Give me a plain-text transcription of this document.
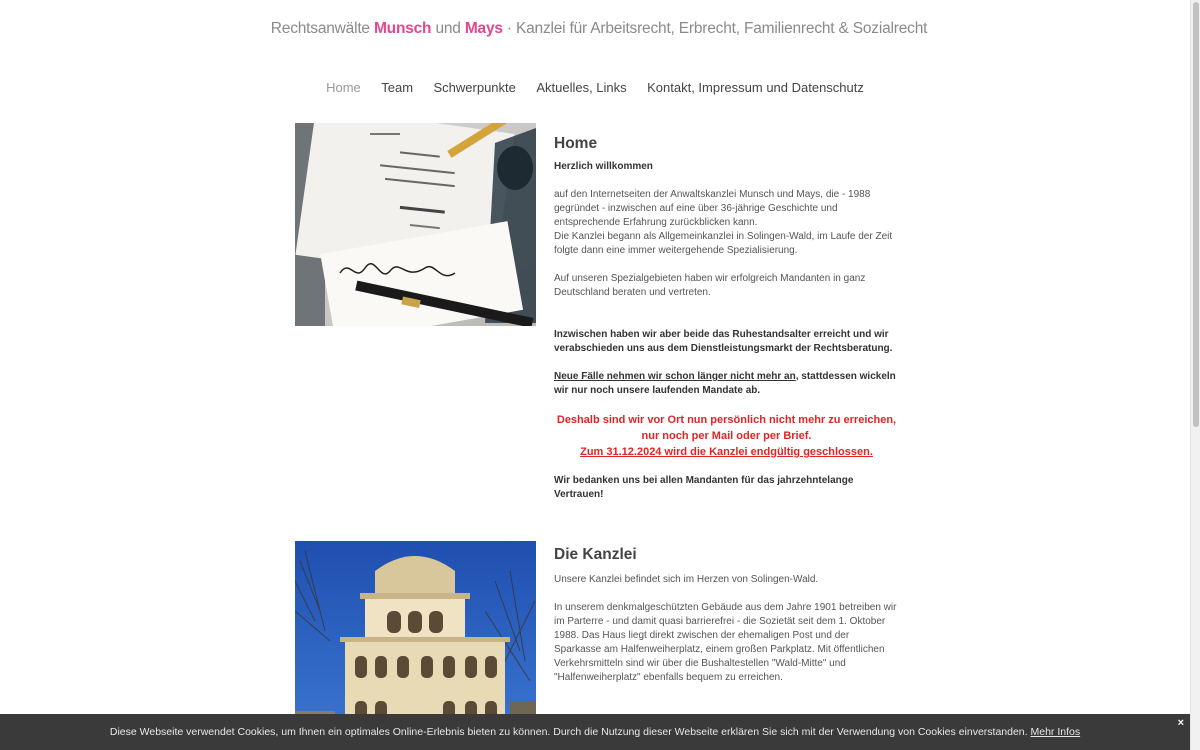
Rechtsanwälte Munsch und Mays · Kanzlei für Arbeitsrecht, Erbrecht, Familienrecht & Sozialrecht
Home Team Schwerpunkte Aktuelles, Links Kontakt, Impressum und Datenschutz
Home

Herzlich willkommen

auf den Internetseiten der Anwaltskanzlei Munsch und Mays, die - 1988 gegründet - inzwischen auf eine über 36-jährige Geschichte und entsprechende Erfahrung zurückblicken kann.

Die Kanzlei begann als Allgemeinkanzlei in Solingen-Wald, im Laufe der Zeit folgte dann eine immer weitergehende Spezialisierung.

Auf unseren Spezialgebieten haben wir erfolgreich Mandanten in ganz Deutschland beraten und vertreten.

Inzwischen haben wir aber beide das Ruhestandsalter erreicht und wir verabschieden uns aus dem Dienstleistungsmarkt der Rechtsberatung.

Neue Fälle nehmen wir schon länger nicht mehr an, stattdessen wickeln wir nur noch unsere laufenden Mandate ab.

Deshalb sind wir vor Ort nun persönlich nicht mehr zu erreichen,

nur noch per Mail oder per Brief.

Zum 31.12.2024 wird die Kanzlei endgültig geschlossen.

Wir bedanken uns bei allen Mandanten für das jahrzehntelange Vertrauen!

Die Kanzlei

Unsere Kanzlei befindet sich im Herzen von Solingen-Wald.

In unserem denkmalgeschützten Gebäude aus dem Jahre 1901 betreiben wir im Parterre - und damit quasi barrierefrei - die Sozietät seit dem 1. Oktober 1988. Das Haus liegt direkt zwischen der ehemaligen Post und der Sparkasse am Halfenweiherplatz, einem großen Parkplatz. Mit öffentlichen Verkehrsmitteln sind wir über die Bushaltestellen "Wald-Mitte" und "Halfenweiherplatz" ebenfalls bequem zu erreichen.

Diese Webseite verwendet Cookies, um Ihnen ein optimales Online-Erlebnis bieten zu können. Durch die Nutzung dieser Webseite erklären Sie sich mit der Verwendung von Cookies einverstanden. Mehr Infos
×
